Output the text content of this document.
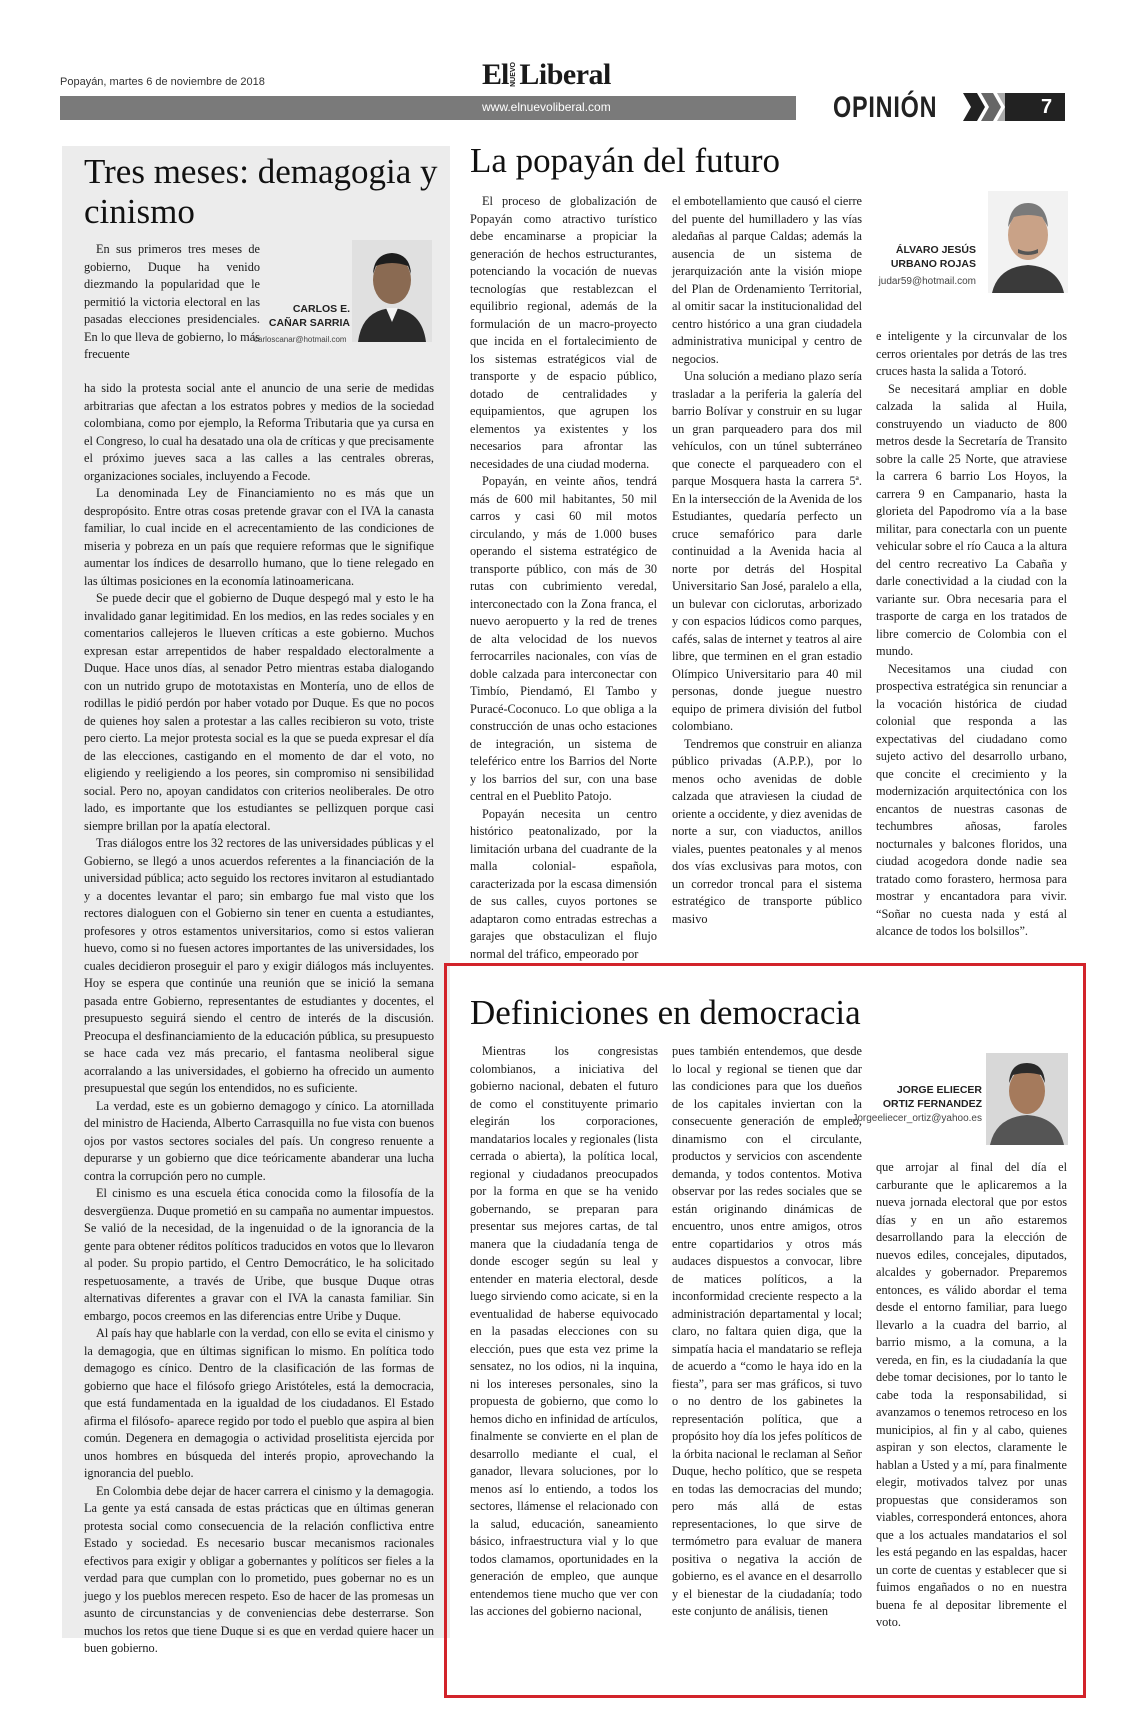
Popayán, martes 6 de noviembre de 2018	El NUEVO Liberal
www.elnuevoliberal.com	OPINIÓN	7
Tres meses: demagogia y cinismo
CARLOS E.
CAÑAR SARRIA
carloscanar@hotmail.com

En sus primeros tres meses de gobierno, Duque ha venido diezmando la popularidad que le permitió la victoria electoral en las pasadas elecciones presidenciales. En lo que lleva de gobierno, lo más frecuente

ha sido la protesta social ante el anuncio de una serie de medidas arbitrarias que afectan a los estratos pobres y medios de la sociedad colombiana, como por ejemplo, la Reforma Tributaria que ya cursa en el Congreso, lo cual ha desatado una ola de críticas y que precisamente el próximo jueves saca a las calles a las centrales obreras, organizaciones sociales, incluyendo a Fecode.

La denominada Ley de Financiamiento no es más que un despropósito. Entre otras cosas pretende gravar con el IVA la canasta familiar, lo cual incide en el acrecentamiento de las condiciones de miseria y pobreza en un país que requiere reformas que le signifique aumentar los índices de desarrollo humano, que lo tiene relegado en las últimas posiciones en la economía latinoamericana.

Se puede decir que el gobierno de Duque despegó mal y esto le ha invalidado ganar legitimidad. En los medios, en las redes sociales y en comentarios callejeros le llueven críticas a este gobierno. Muchos expresan estar arrepentidos de haber respaldado electoralmente a Duque. Hace unos días, al senador Petro mientras estaba dialogando con un nutrido grupo de mototaxistas en Montería, uno de ellos de rodillas le pidió perdón por haber votado por Duque. Es que no pocos de quienes hoy salen a protestar a las calles recibieron su voto, triste pero cierto. La mejor protesta social es la que se pueda expresar el día de las elecciones, castigando en el momento de dar el voto, no eligiendo y reeligiendo a los peores, sin compromiso ni sensibilidad social. Pero no, apoyan candidatos con criterios neoliberales. De otro lado, es importante que los estudiantes se pellizquen porque casi siempre brillan por la apatía electoral.

Tras diálogos entre los 32 rectores de las universidades públicas y el Gobierno, se llegó a unos acuerdos referentes a la financiación de la universidad pública; acto seguido los rectores invitaron al estudiantado y a docentes levantar el paro; sin embargo fue mal visto que los rectores dialoguen con el Gobierno sin tener en cuenta a estudiantes, profesores y otros estamentos universitarios, como si estos valieran huevo, como si no fuesen actores importantes de las universidades, los cuales decidieron proseguir el paro y exigir diálogos más incluyentes. Hoy se espera que continúe una reunión que se inició la semana pasada entre Gobierno, representantes de estudiantes y docentes, el presupuesto seguirá siendo el centro de interés de la discusión. Preocupa el desfinanciamiento de la educación pública, su presupuesto se hace cada vez más precario, el fantasma neoliberal sigue acorralando a las universidades, el gobierno ha ofrecido un aumento presupuestal que según los entendidos, no es suficiente.

La verdad, este es un gobierno demagogo y cínico. La atornillada del ministro de Hacienda, Alberto Carrasquilla no fue vista con buenos ojos por vastos sectores sociales del país. Un congreso renuente a depurarse y un gobierno que dice teóricamente abanderar una lucha contra la corrupción pero no cumple.

El cinismo es una escuela ética conocida como la filosofía de la desvergüenza. Duque prometió en su campaña no aumentar impuestos. Se valió de la necesidad, de la ingenuidad o de la ignorancia de la gente para obtener réditos políticos traducidos en votos que lo llevaron al poder. Su propio partido, el Centro Democrático, le ha solicitado respetuosamente, a través de Uribe, que busque Duque otras alternativas diferentes a gravar con el IVA la canasta familiar. Sin embargo, pocos creemos en las diferencias entre Uribe y Duque.

Al país hay que hablarle con la verdad, con ello se evita el cinismo y la demagogia, que en últimas significan lo mismo. En política todo demagogo es cínico. Dentro de la clasificación de las formas de gobierno que hace el filósofo griego Aristóteles, está la democracia, que está fundamentada en la igualdad de los ciudadanos. El Estado afirma el filósofo- aparece regido por todo el pueblo que aspira al bien común. Degenera en demagogia o actividad proselitista ejercida por unos hombres en búsqueda del interés propio, aprovechando la ignorancia del pueblo.

En Colombia debe dejar de hacer carrera el cinismo y la demagogia. La gente ya está cansada de estas prácticas que en últimas generan protesta social como consecuencia de la relación conflictiva entre Estado y sociedad. Es necesario buscar mecanismos racionales efectivos para exigir y obligar a gobernantes y políticos ser fieles a la verdad para que cumplan con lo prometido, pues gobernar no es un juego y los pueblos merecen respeto. Eso de hacer de las promesas un asunto de circunstancias y de conveniencias debe desterrarse. Son muchos los retos que tiene Duque si es que en verdad quiere hacer un buen gobierno.

La popayán del futuro

El proceso de globalización de Popayán como atractivo turístico debe encaminarse a propiciar la generación de hechos estructurantes, potenciando la vocación de nuevas tecnologías que restablezcan el equilibrio regional, además de la formulación de un macro-proyecto que incida en el fortalecimiento de los sistemas estratégicos vial de transporte y de espacio público, dotado de centralidades y equipamientos, que agrupen los elementos ya existentes y los necesarios para afrontar las necesidades de una ciudad moderna.

Popayán, en veinte años, tendrá más de 600 mil habitantes, 50 mil carros y casi 60 mil motos circulando, y más de 1.000 buses operando el sistema estratégico de transporte público, con más de 30 rutas con cubrimiento veredal, interconectado con la Zona franca, el nuevo aeropuerto y la red de trenes de alta velocidad de los nuevos ferrocarriles nacionales, con vías de doble calzada para interconectar con Timbío, Piendamó, El Tambo y Puracé-Coconuco. Lo que obliga a la construcción de unas ocho estaciones de integración, un sistema de teleférico entre los Barrios del Norte y los barrios del sur, con una base central en el Pueblito Patojo.

Popayán necesita un centro histórico peatonalizado, por la limitación urbana del cuadrante de la malla colonial- española, caracterizada por la escasa dimensión de sus calles, cuyos portones se adaptaron como entradas estrechas a garajes que obstaculizan el flujo normal del tráfico, empeorado por

el embotellamiento que causó el cierre del puente del humilladero y las vías aledañas al parque Caldas; además la ausencia de un sistema de jerarquización ante la visión miope del Plan de Ordenamiento Territorial, al omitir sacar la institucionalidad del centro histórico a una gran ciudadela administrativa municipal y centro de negocios.

Una solución a mediano plazo sería trasladar a la periferia la galería del barrio Bolívar y construir en su lugar un gran parqueadero para dos mil vehículos, con un túnel subterráneo que conecte el parqueadero con el parque Mosquera hasta la carrera 5ª. En la intersección de la Avenida de los Estudiantes, quedaría perfecto un cruce semafórico para darle continuidad a la Avenida hacia al norte por detrás del Hospital Universitario San José, paralelo a ella, un bulevar con ciclorutas, arborizado y con espacios lúdicos como parques, cafés, salas de internet y teatros al aire libre, que terminen en el gran estadio Olímpico Universitario para 40 mil personas, donde juegue nuestro equipo de primera división del futbol colombiano.

Tendremos que construir en alianza público privadas (A.P.P.), por lo menos ocho avenidas de doble calzada que atraviesen la ciudad de oriente a occidente, y diez avenidas de norte a sur, con viaductos, anillos viales, puentes peatonales y al menos dos vías exclusivas para motos, con un corredor troncal para el sistema estratégico de transporte público masivo

ÁLVARO JESÚS
URBANO ROJAS
judar59@hotmail.com

e inteligente y la circunvalar de los cerros orientales por detrás de las tres cruces hasta la salida a Totoró.

Se necesitará ampliar en doble calzada la salida al Huila, construyendo un viaducto de 800 metros desde la Secretaría de Transito sobre la calle 25 Norte, que atraviese la carrera 6 barrio Los Hoyos, la carrera 9 en Campanario, hasta la glorieta del Papodromo vía a la base militar, para conectarla con un puente vehicular sobre el río Cauca a la altura del centro recreativo La Cabaña y darle conectividad a la ciudad con la variante sur. Obra necesaria para el trasporte de carga en los tratados de libre comercio de Colombia con el mundo.

Necesitamos una ciudad con prospectiva estratégica sin renunciar a la vocación histórica de ciudad colonial que responda a las expectativas del ciudadano como sujeto activo del desarrollo urbano, que concite el crecimiento y la modernización arquitectónica con los encantos de nuestras casonas de techumbres añosas, faroles nocturnales y balcones floridos, una ciudad acogedora donde nadie sea tratado como forastero, hermosa para mostrar y encantadora para vivir. “Soñar no cuesta nada y está al alcance de todos los bolsillos”.

Definiciones en democracia

Mientras los congresistas colombianos, a iniciativa del gobierno nacional, debaten el futuro de como el constituyente primario elegirán los corporaciones, mandatarios locales y regionales (lista cerrada o abierta), la política local, regional y ciudadanos preocupados por la forma en que se ha venido gobernando, se preparan para presentar sus mejores cartas, de tal manera que la ciudadanía tenga de donde escoger según su leal y entender en materia electoral, desde luego sirviendo como acicate, si en la eventualidad de haberse equivocado en la pasadas elecciones con su elección, pues que esta vez prime la sensatez, no los odios, ni la inquina, ni los intereses personales, sino la propuesta de gobierno, que como lo hemos dicho en infinidad de artículos, finalmente se convierte en el plan de desarrollo mediante el cual, el ganador, llevara soluciones, por lo menos así lo entiendo, a todos los sectores, llámense el relacionado con la salud, educación, saneamiento básico, infraestructura vial y lo que todos clamamos, oportunidades en la generación de empleo, que aunque entendemos tiene mucho que ver con las acciones del gobierno nacional,

pues también entendemos, que desde lo local y regional se tienen que dar las condiciones para que los dueños de los capitales inviertan con la consecuente generación de empleo, dinamismo con el circulante, productos y servicios con ascendente demanda, y todos contentos. Motiva observar por las redes sociales que se están originando dinámicas de encuentro, unos entre amigos, otros entre copartidarios y otros más audaces dispuestos a convocar, libre de matices políticos, a la inconformidad creciente respecto a la administración departamental y local; claro, no faltara quien diga, que la simpatía hacia el mandatario se refleja de acuerdo a “como le haya ido en la fiesta”, para ser mas gráficos, si tuvo o no dentro de los gabinetes la representación política, que a propósito hoy día los jefes políticos de la órbita nacional le reclaman al Señor Duque, hecho político, que se respeta en todas las democracias del mundo; pero más allá de estas representaciones, lo que sirve de termómetro para evaluar de manera positiva o negativa la acción de gobierno, es el avance en el desarrollo y el bienestar de la ciudadanía; todo este conjunto de análisis, tienen

JORGE ELIECER
ORTIZ FERNANDEZ
Jorgeeliecer_ortiz@yahoo.es

que arrojar al final del día el carburante que le aplicaremos a la nueva jornada electoral que por estos días y en un año estaremos desarrollando para la elección de nuevos ediles, concejales, diputados, alcaldes y gobernador. Preparemos entonces, es válido abordar el tema desde el entorno familiar, para luego llevarlo a la cuadra del barrio, al barrio mismo, a la comuna, a la vereda, en fin, es la ciudadanía la que debe tomar decisiones, por lo tanto le cabe toda la responsabilidad, si avanzamos o tenemos retroceso en los municipios, al fin y al cabo, quienes aspiran y son electos, claramente le hablan a Usted y a mí, para finalmente elegir, motivados talvez por unas propuestas que consideramos son viables, corresponderá entonces, ahora que a los actuales mandatarios el sol les está pegando en las espaldas, hacer un corte de cuentas y establecer que si fuimos engañados o no en nuestra buena fe al depositar libremente el voto.
